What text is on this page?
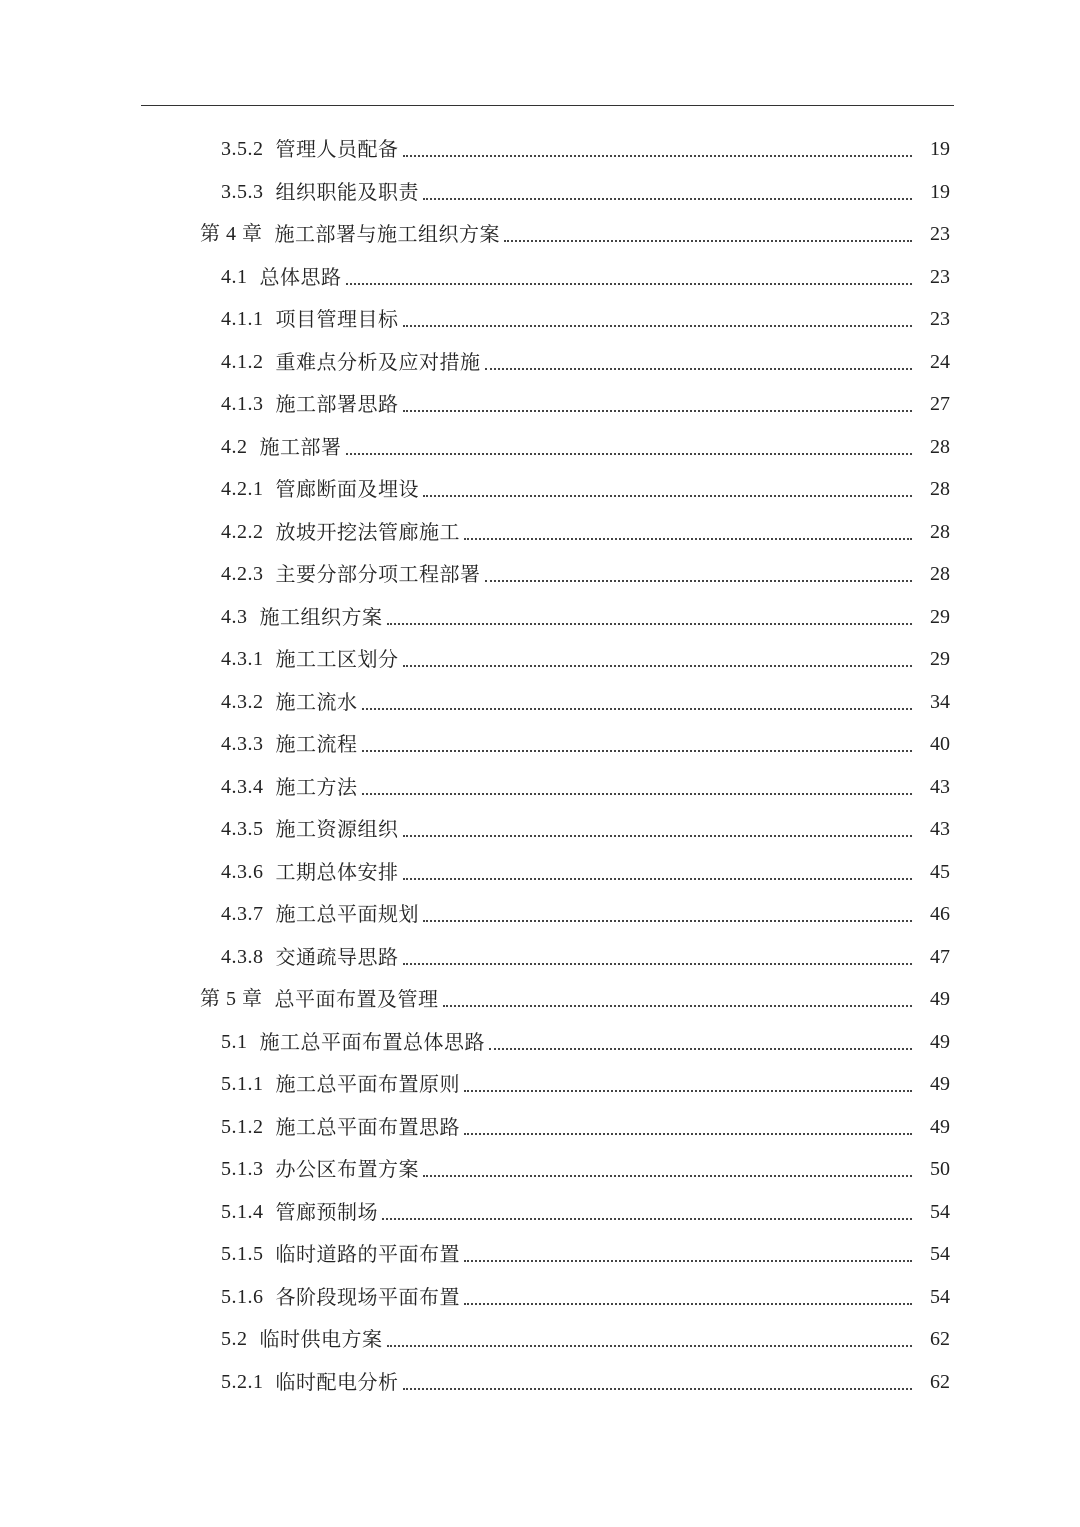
3.5.2 管理人员配备	19
3.5.3 组织职能及职责	19
第 4 章 施工部署与施工组织方案	23
4.1 总体思路	23
4.1.1 项目管理目标	23
4.1.2 重难点分析及应对措施	24
4.1.3 施工部署思路	27
4.2 施工部署	28
4.2.1 管廊断面及埋设	28
4.2.2 放坡开挖法管廊施工	28
4.2.3 主要分部分项工程部署	28
4.3 施工组织方案	29
4.3.1 施工工区划分	29
4.3.2 施工流水	34
4.3.3 施工流程	40
4.3.4 施工方法	43
4.3.5 施工资源组织	43
4.3.6 工期总体安排	45
4.3.7 施工总平面规划	46
4.3.8 交通疏导思路	47
第 5 章 总平面布置及管理	49
5.1 施工总平面布置总体思路	49
5.1.1 施工总平面布置原则	49
5.1.2 施工总平面布置思路	49
5.1.3 办公区布置方案	50
5.1.4 管廊预制场	54
5.1.5 临时道路的平面布置	54
5.1.6 各阶段现场平面布置	54
5.2 临时供电方案	62
5.2.1 临时配电分析	62
